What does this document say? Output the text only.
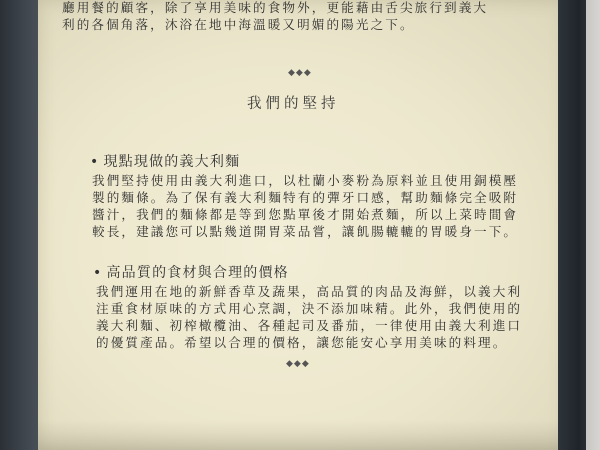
廳用餐的顧客，除了享用美味的食物外，更能藉由舌尖旅行到義大
利的各個角落，沐浴在地中海溫暖又明媚的陽光之下。
◆◆◆
我們的堅持
• 現點現做的義大利麵
我們堅持使用由義大利進口，以杜蘭小麥粉為原料並且使用銅模壓
製的麵條。為了保有義大利麵特有的彈牙口感，幫助麵條完全吸附
醬汁，我們的麵條都是等到您點單後才開始煮麵，所以上菜時間會
較長，建議您可以點幾道開胃菜品嘗，讓飢腸轆轆的胃暖身一下。
• 高品質的食材與合理的價格
我們運用在地的新鮮香草及蔬果，高品質的肉品及海鮮，以義大利
注重食材原味的方式用心烹調，決不添加味精。此外，我們使用的
義大利麵、初榨橄欖油、各種起司及番茄，一律使用由義大利進口
的優質產品。希望以合理的價格，讓您能安心享用美味的料理。
◆◆◆
